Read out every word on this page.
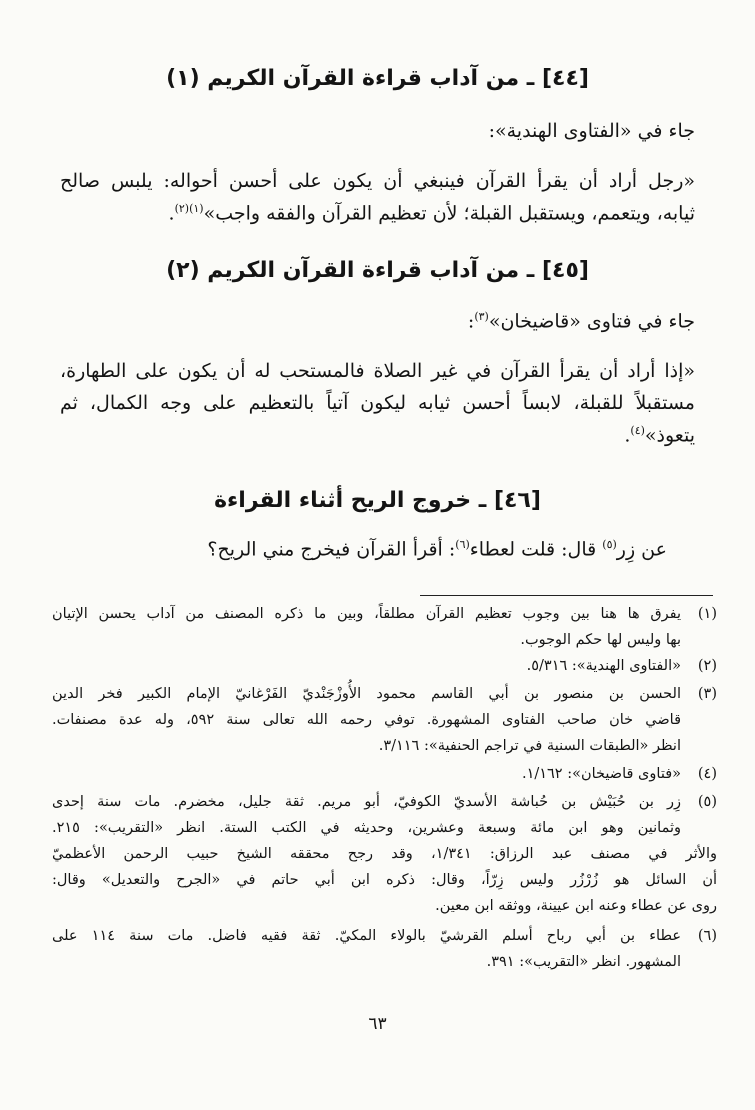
[٤٤] ـ من آداب قراءة القرآن الكريم (١)
جاء في «الفتاوى الهندية»:
«رجل أراد أن يقرأ القرآن فينبغي أن يكون على أحسن أحواله: يلبس صالح
ثيابه، ويتعمم، ويستقبل القبلة؛ لأن تعظيم القرآن والفقه واجب»$^{(١)(٢)}$.
[٤٥] ـ من آداب قراءة القرآن الكريم (٢)
جاء في فتاوى «قاضيخان»$^{(٣)}$:
«إذا أراد أن يقرأ القرآن في غير الصلاة فالمستحب له أن يكون على الطهارة،
مستقبلاً للقبلة، لابساً أحسن ثيابه ليكون آتياً بالتعظيم على وجه الكمال، ثم
يتعوذ»$^{(٤)}$.
[٤٦] ـ خروج الريح أثناء القراءة
عن زِر$^{(٥)}$ قال: قلت لعطاء$^{(٦)}$: أقرأ القرآن فيخرج مني الريح؟
(١)
يفرق ها هنا بين وجوب تعظيم القرآن مطلقاً، وبين ما ذكره المصنف من آداب يحسن الإتيان
بها وليس لها حكم الوجوب.
(٢)
«الفتاوى الهندية»: ٥/٣١٦.
(٣)
الحسن بن منصور بن أبي القاسم محمود الأُوزْجَنْديّ الفَرْغانيّ الإمام الكبير فخر الدين
قاضي خان صاحب الفتاوى المشهورة. توفي رحمه الله تعالى سنة ٥٩٢، وله عدة مصنفات.
انظر «الطبقات السنية في تراجم الحنفية»: ٣/١١٦.
(٤)
«فتاوى قاضيخان»: ١/١٦٢.
(٥)
زِر بن حُبَيْش بن حُباشة الأسديّ الكوفيّ، أبو مريم. ثقة جليل، مخضرم. مات سنة إحدى
وثمانين وهو ابن مائة وسبعة وعشرين، وحديثه في الكتب الستة. انظر «التقريب»: ٢١٥.
والأثر في مصنف عبد الرزاق: ١/٣٤١، وقد رجح محققه الشيخ حبيب الرحمن الأعظميّ
أن السائل هو زُرْزُر وليس زِرّاً، وقال: ذكره ابن أبي حاتم في «الجرح والتعديل» وقال:
روى عن عطاء وعنه ابن عيينة، ووثقه ابن معين.
(٦)
عطاء بن أبي رباح أسلم القرشيّ بالولاء المكيّ. ثقة فقيه فاضل. مات سنة ١١٤ على
المشهور. انظر «التقريب»: ٣٩١.
٦٣
